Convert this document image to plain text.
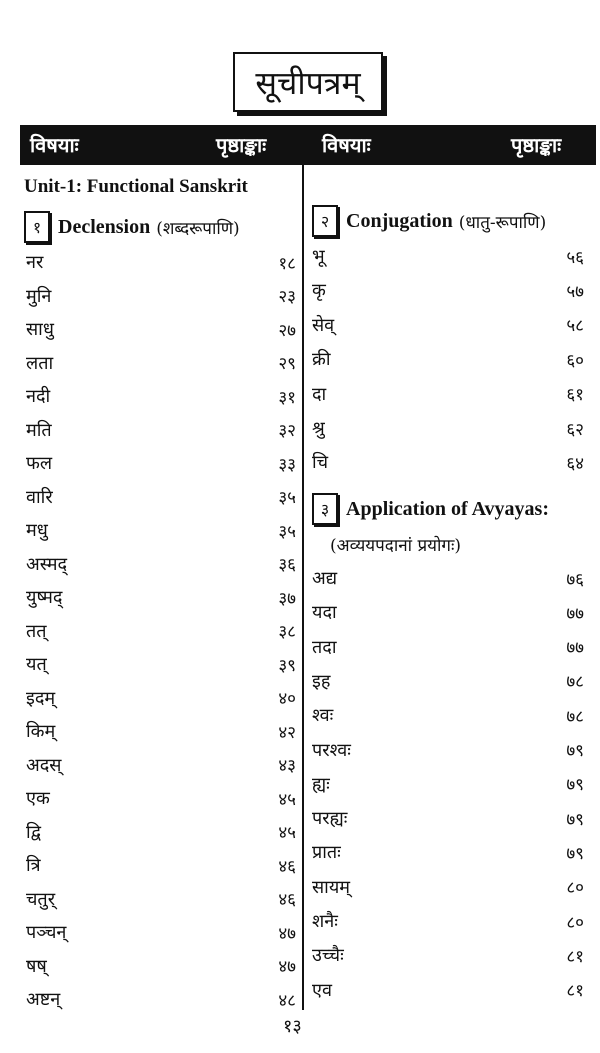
सूचीपत्रम्
विषयाः	पृष्ठाङ्काः	विषयाः	पृष्ठाङ्काः
Unit-1: Functional Sanskrit
१ Declension (शब्दरूपाणि)	२ Conjugation (धातु-रूपाणि)
३ Application of Avyayas:
(अव्ययपदानां प्रयोगः)
नर	१८
मुनि	२३
साधु	२७
लता	२९
नदी	३१
मति	३२
फल	३३
वारि	३५
मधु	३५
अस्मद्	३६
युष्मद्	३७
तत्	३८
यत्	३९
इदम्	४०
किम्	४२
अदस्	४३
एक	४५
द्वि	४५
त्रि	४६
चतुर्	४६
पञ्चन्	४७
षष्	४७
अष्टन्	४८
भू	५६
कृ	५७
सेव्	५८
क्री	६०
दा	६१
श्रु	६२
चि	६४
अद्य	७६
यदा	७७
तदा	७७
इह	७८
श्वः	७८
परश्वः	७९
ह्यः	७९
परह्यः	७९
प्रातः	७९
सायम्	८०
शनैः	८०
उच्चैः	८१
एव	८१
१३
